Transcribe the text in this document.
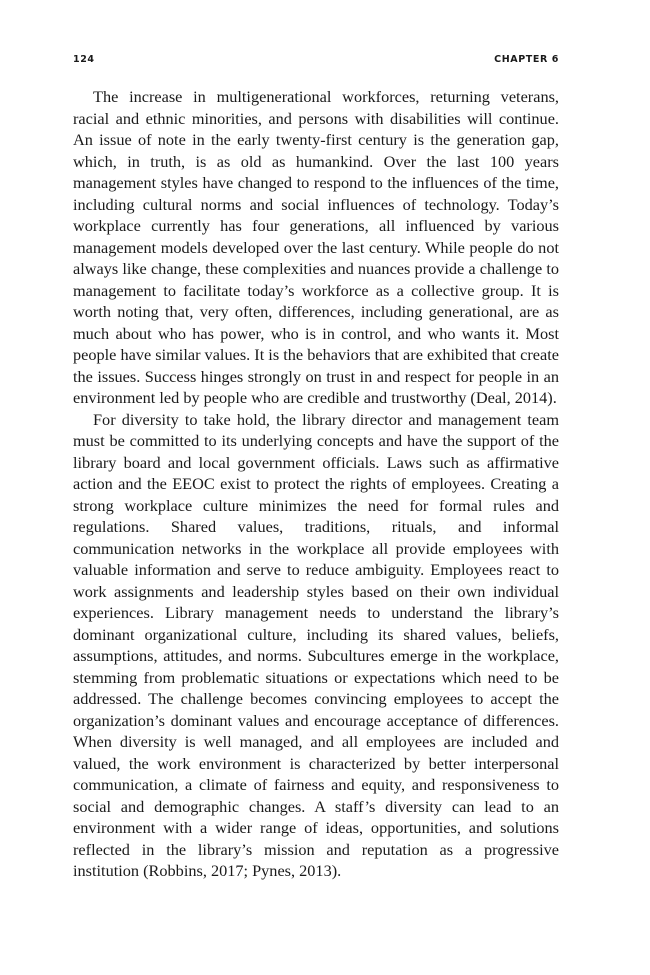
124	CHAPTER 6

The increase in multigenerational workforces, returning veterans, racial and ethnic minorities, and persons with disabilities will continue. An issue of note in the early twenty-first century is the generation gap, which, in truth, is as old as humankind. Over the last 100 years management styles have changed to respond to the influences of the time, including cultural norms and social influences of technology. Today’s workplace currently has four generations, all influenced by various management models developed over the last century. While people do not always like change, these complexities and nuances provide a challenge to management to facilitate today’s workforce as a collective group. It is worth noting that, very often, differences, including generational, are as much about who has power, who is in control, and who wants it. Most people have similar values. It is the behaviors that are exhibited that create the issues. Success hinges strongly on trust in and respect for people in an environment led by people who are credible and trustworthy (Deal, 2014).

For diversity to take hold, the library director and management team must be committed to its underlying concepts and have the support of the library board and local government officials. Laws such as affirmative action and the EEOC exist to protect the rights of employees. Creating a strong workplace culture minimizes the need for formal rules and regulations. Shared values, traditions, rituals, and informal communication networks in the workplace all provide employees with valuable information and serve to reduce ambiguity. Employees react to work assignments and leadership styles based on their own individual experiences. Library management needs to understand the library’s dominant organizational culture, including its shared values, beliefs, assumptions, attitudes, and norms. Subcultures emerge in the workplace, stemming from problematic situations or expectations which need to be addressed. The challenge becomes convincing employees to accept the organization’s dominant values and encourage acceptance of differences. When diversity is well managed, and all employees are included and valued, the work environment is characterized by better interpersonal communication, a climate of fairness and equity, and responsiveness to social and demographic changes. A staff’s diversity can lead to an environment with a wider range of ideas, opportunities, and solutions reflected in the library’s mission and reputation as a progressive institution (Robbins, 2017; Pynes, 2013).
